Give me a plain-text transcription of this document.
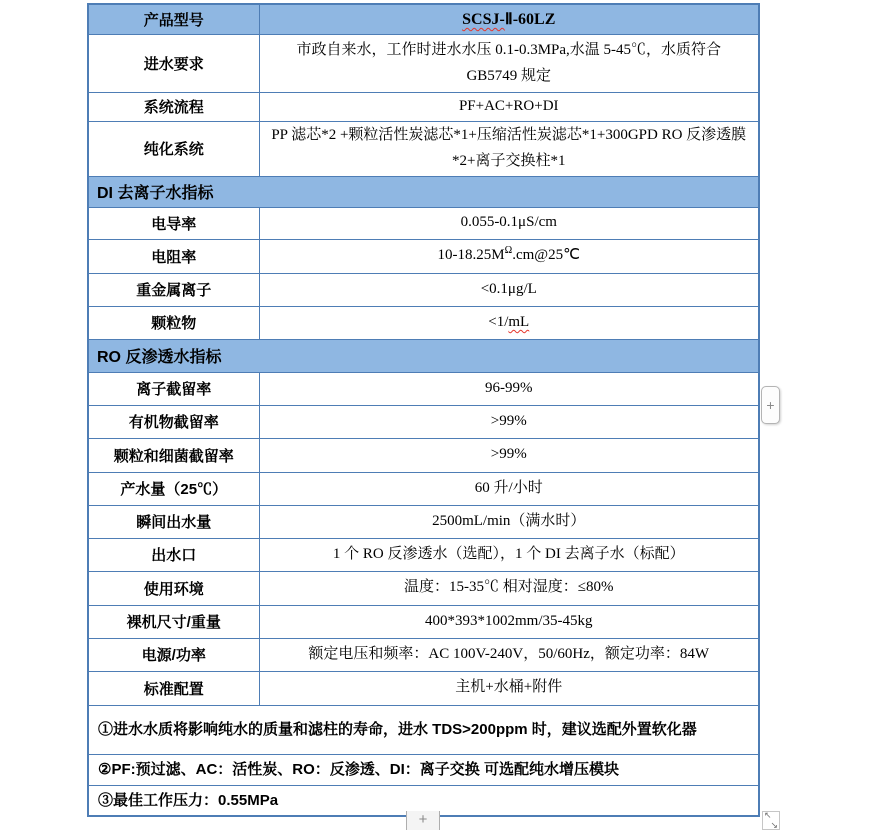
产品型号	SCSJ-Ⅱ-60LZ
进水要求	市政自来水，工作时进水水压 0.1-0.3MPa,水温 5-45℃，水质符合 GB5749 规定
系统流程	PF+AC+RO+DI
纯化系统	PP 滤芯*2 +颗粒活性炭滤芯*1+压缩活性炭滤芯*1+300GPD RO 反渗透膜*2+离子交换柱*1
DI 去离子水指标	
电导率	0.055-0.1μS/cm
电阻率	$10-18.25M^\Omega.cm@25℃$
重金属离子	<0.1μg/L
颗粒物	<1/mL
RO 反渗透水指标	
离子截留率	96-99%
有机物截留率	>99%
颗粒和细菌截留率	>99%
产水量（25℃）	60 升/小时
瞬间出水量	2500mL/min（满水时）
出水口	1 个 RO 反渗透水（选配），1 个 DI 去离子水（标配）
使用环境	温度：15-35℃ 相对湿度：≤80%
裸机尺寸/重量	400*393*1002mm/35-45kg
电源/功率	额定电压和频率：AC 100V-240V，50/60Hz，额定功率：84W
标准配置	主机+水桶+附件
①进水水质将影响纯水的质量和滤柱的寿命，进水 TDS>200ppm 时，建议选配外置软化器	
②PF:预过滤、AC：活性炭、RO：反渗透、DI：离子交换 可选配纯水增压模块	
③最佳工作压力：0.55MPa	
+
+	↖
↘
